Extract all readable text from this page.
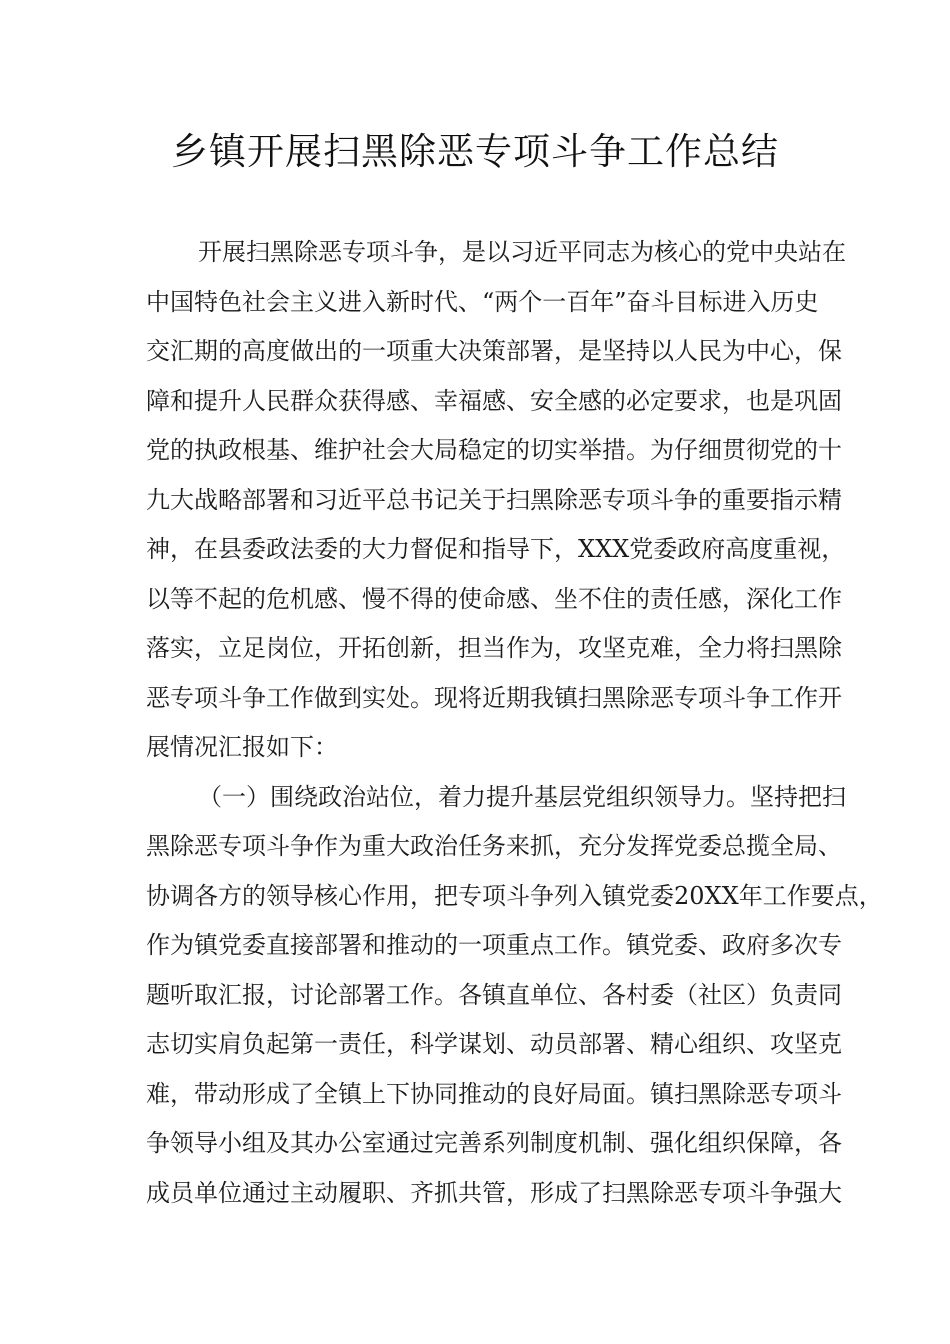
乡镇开展扫黑除恶专项斗争工作总结
开展扫黑除恶专项斗争，是以习近平同志为核心的党中央站在
中国特色社会主义进入新时代、“两个一百年”奋斗目标进入历史
交汇期的高度做出的一项重大决策部署，是坚持以人民为中心，保
障和提升人民群众获得感、幸福感、安全感的必定要求，也是巩固
党的执政根基、维护社会大局稳定的切实举措。为仔细贯彻党的十
九大战略部署和习近平总书记关于扫黑除恶专项斗争的重要指示精
神，在县委政法委的大力督促和指导下，XXX党委政府高度重视，
以等不起的危机感、慢不得的使命感、坐不住的责任感，深化工作
落实，立足岗位，开拓创新，担当作为，攻坚克难，全力将扫黑除
恶专项斗争工作做到实处。现将近期我镇扫黑除恶专项斗争工作开
展情况汇报如下：
（一）围绕政治站位，着力提升基层党组织领导力。坚持把扫
黑除恶专项斗争作为重大政治任务来抓，充分发挥党委总揽全局、
协调各方的领导核心作用，把专项斗争列入镇党委20XX年工作要点，
作为镇党委直接部署和推动的一项重点工作。镇党委、政府多次专
题听取汇报，讨论部署工作。各镇直单位、各村委（社区）负责同
志切实肩负起第一责任，科学谋划、动员部署、精心组织、攻坚克
难，带动形成了全镇上下协同推动的良好局面。镇扫黑除恶专项斗
争领导小组及其办公室通过完善系列制度机制、强化组织保障，各
成员单位通过主动履职、齐抓共管，形成了扫黑除恶专项斗争强大
